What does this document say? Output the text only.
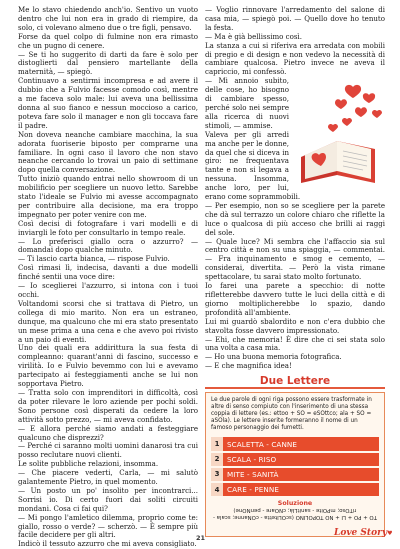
Me lo stavo chiedendo anch'io. Sentivo un vuoto dentro che lui non era in grado di riempire, da solo, ci volevano almeno due o tre figli, pensavo.

Forse da quel colpo di fulmine non era rimasto che un pugno di cenere.

— Se ti ho suggerito di darti da fare è solo per distoglierti dal pensiero martellante della maternità, — spiegò.

Continuavo a sentirmi incompresa e ad avere il dubbio che a Fulvio facesse comodo così, mentre a me faceva solo male: lui aveva una bellissima donna al suo fianco e nessun moccioso a carico, poteva fare solo il manager e non gli toccava fare il padre.

Non doveva neanche cambiare macchina, la sua adorata fuoriserie biposto per comprarne una familiare. In ogni caso il lavoro che non stavo neanche cercando lo trovai un paio di settimane dopo quella conversazione.

Tutto iniziò quando entrai nello showroom di un mobilificio per scegliere un nuovo letto. Sarebbe stato l'ideale se Fulvio mi avesse accompagnato per contribuire alla decisione, ma era troppo impegnato per poter venire con me.

Così decisi di fotografare i vari modelli e di inviargli le foto per consultarlo in tempo reale.

— Lo preferisci giallo ocra o azzurro? — domandai dopo qualche minuto.

— Ti lascio carta bianca, — rispose Fulvio.

Così rimasi lì, indecisa, davanti a due modelli finché sentii una voce dire:

— Io sceglierei l'azzurro, si intona con i tuoi occhi.

Voltandomi scorsi che si trattava di Pietro, un collega di mio marito. Non era un estraneo, dunque, ma qualcuno che mi era stato presentato un mese prima a una cena e che avevo poi rivisto a un paio di eventi.

Uno dei quali era addirittura la sua festa di compleanno: quarant'anni di fascino, successo e virilità. Io e Fulvio bevemmo con lui e avevamo partecipato ai festeggiamenti anche se lui non sopportava Pietro.

— Tratta solo con imprenditori in difficoltà, così da poter rilevare le loro aziende per pochi soldi. Sono persone così disperati da cedere la loro attività sotto prezzo, — mi aveva confidato.

— E allora perché siamo andati a festeggiare qualcuno che disprezzi?

— Perché ci saranno molti uomini danarosi tra cui posso reclutare nuovi clienti.

Le solite pubbliche relazioni, insomma.

— Che piacere vederti, Carla, — mi salutò galantemente Pietro, in quel momento.

— Un posto un po' insolito per incontrarci... Sorrisi io. Di certo fuori dai soliti circuiti mondani. Cosa ci fai qui?

— Mi pongo l'amletico dilemma, proprio come te: giallo, rosso o verde? — scherzò. — È sempre più facile decidere per gli altri.

Indicò il tessuto azzurro che mi aveva consigliato.

— Voglio rinnovare l'arredamento del salone di casa mia, — spiegò poi. — Quello dove ho tenuto la festa.

— Ma è già bellissimo così.

La stanza a cui si riferiva era arredata con mobili di pregio e di design e non vedevo la necessità di cambiare qualcosa. Pietro invece ne aveva il capriccio, mi confessò.

— Mi annoio subito, delle cose, ho bisogno di cambiare spesso, perché solo nei sempre alla ricerca di nuovi stimoli, — ammise.

Valeva per gli arredi ma anche per le donne, da quel che si diceva in giro: ne frequentava tante e non si legava a nessuna. Insomma, anche loro, per lui, erano come soprammobili.

— Per esempio, non so se scegliere per la parete che dà sul terrazzo un colore chiaro che riflette la luce o qualcosa di più acceso che brilli ai raggi del sole.

— Quale luce? Mi sembra che l'affaccio sia sul centro città e non su una spiaggia, — commentai. — Fra inquinamento e smog e cemento, — considerai, divertita. — Però la vista rimane spettacolare, tu sarai stato molto fortunato.

Io farei una parete a specchio: di notte rifletterebbe davvero tutte le luci della città e di giorno moltiplicherebbe lo spazio, dando profondità all'ambiente.

Lui mi guardò sbalordito e non c'era dubbio che stavolta fosse davvero impressionato.

— Ehi, che memoria! È dire che ci sei stata solo una volta a casa mia.

— Ho una buona memoria fotografica.

— E che magnifica idea!

Due Lettere
Le due parole di ogni riga possono essere trasformate in altre di senso compiuto con l'inserimento di una stessa coppia di lettere (es.: ettoo + SO = eSOttco; ala + SO = aSOla). Le lettere inserite formeranno il nome di un famoso personaggio dei fumetti.
1	SCALETTA - CANNE
2	SCALA - RISO
3	MITE - SANITÀ
4	CARE - PENNE
Soluzione
TO + PO + LI + NO TOPOLINO (scOLItetta - cONanne; scala - riTOso; mPOite - sanitLIà; cNOare - penNOne)
21	Love Story♥
